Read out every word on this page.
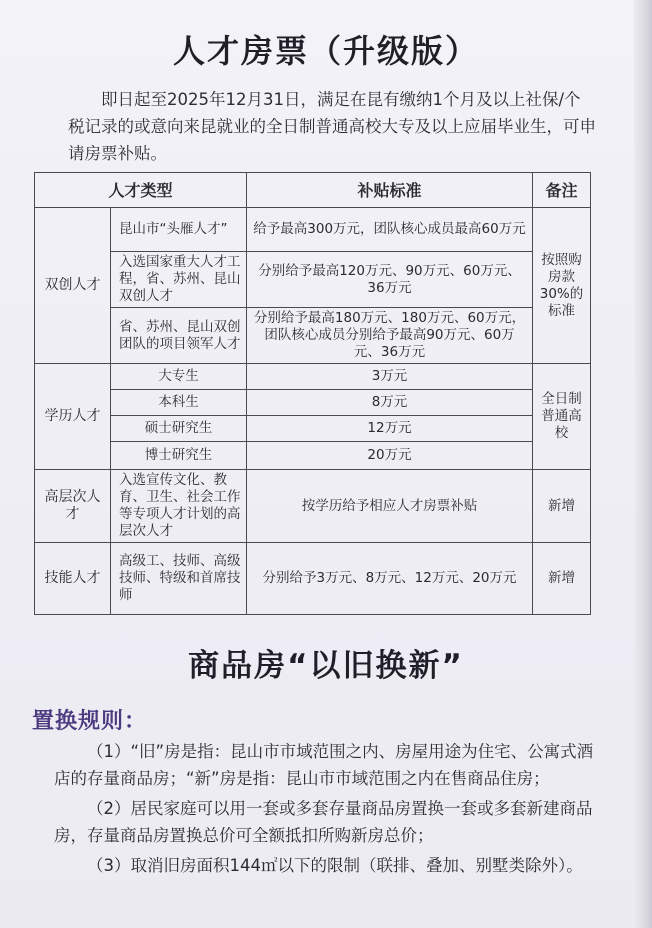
人才房票（升级版）

即日起至2025年12月31日，满足在昆有缴纳1个月及以上社保/个税记录的或意向来昆就业的全日制普通高校大专及以上应届毕业生，可申请房票补贴。

人才类型		补贴标准	备注
双创人才	昆山市“头雁人才”	给予最高300万元，团队核心成员最高60万元	按照购房款30%的标准
	入选国家重大人才工程，省、苏州、昆山双创人才	分别给予最高120万元、90万元、60万元、36万元	
	省、苏州、昆山双创团队的项目领军人才	分别给予最高180万元、180万元、60万元，团队核心成员分别给予最高90万元、60万元、36万元	
学历人才	大专生	3万元	全日制普通高校
	本科生	8万元	
	硕士研究生	12万元	
	博士研究生	20万元	
高层次人才	入选宣传文化、教育、卫生、社会工作等专项人才计划的高层次人才	按学历给予相应人才房票补贴	新增
技能人才	高级工、技师、高级技师、特级和首席技师	分别给予3万元、8万元、12万元、20万元	新增
商品房“以旧换新”
置换规则：

（1）“旧”房是指：昆山市市域范围之内、房屋用途为住宅、公寓式酒店的存量商品房；“新”房是指：昆山市市域范围之内在售商品住房；

（2）居民家庭可以用一套或多套存量商品房置换一套或多套新建商品房，存量商品房置换总价可全额抵扣所购新房总价；

（3）取消旧房面积144㎡以下的限制（联排、叠加、别墅类除外）。
